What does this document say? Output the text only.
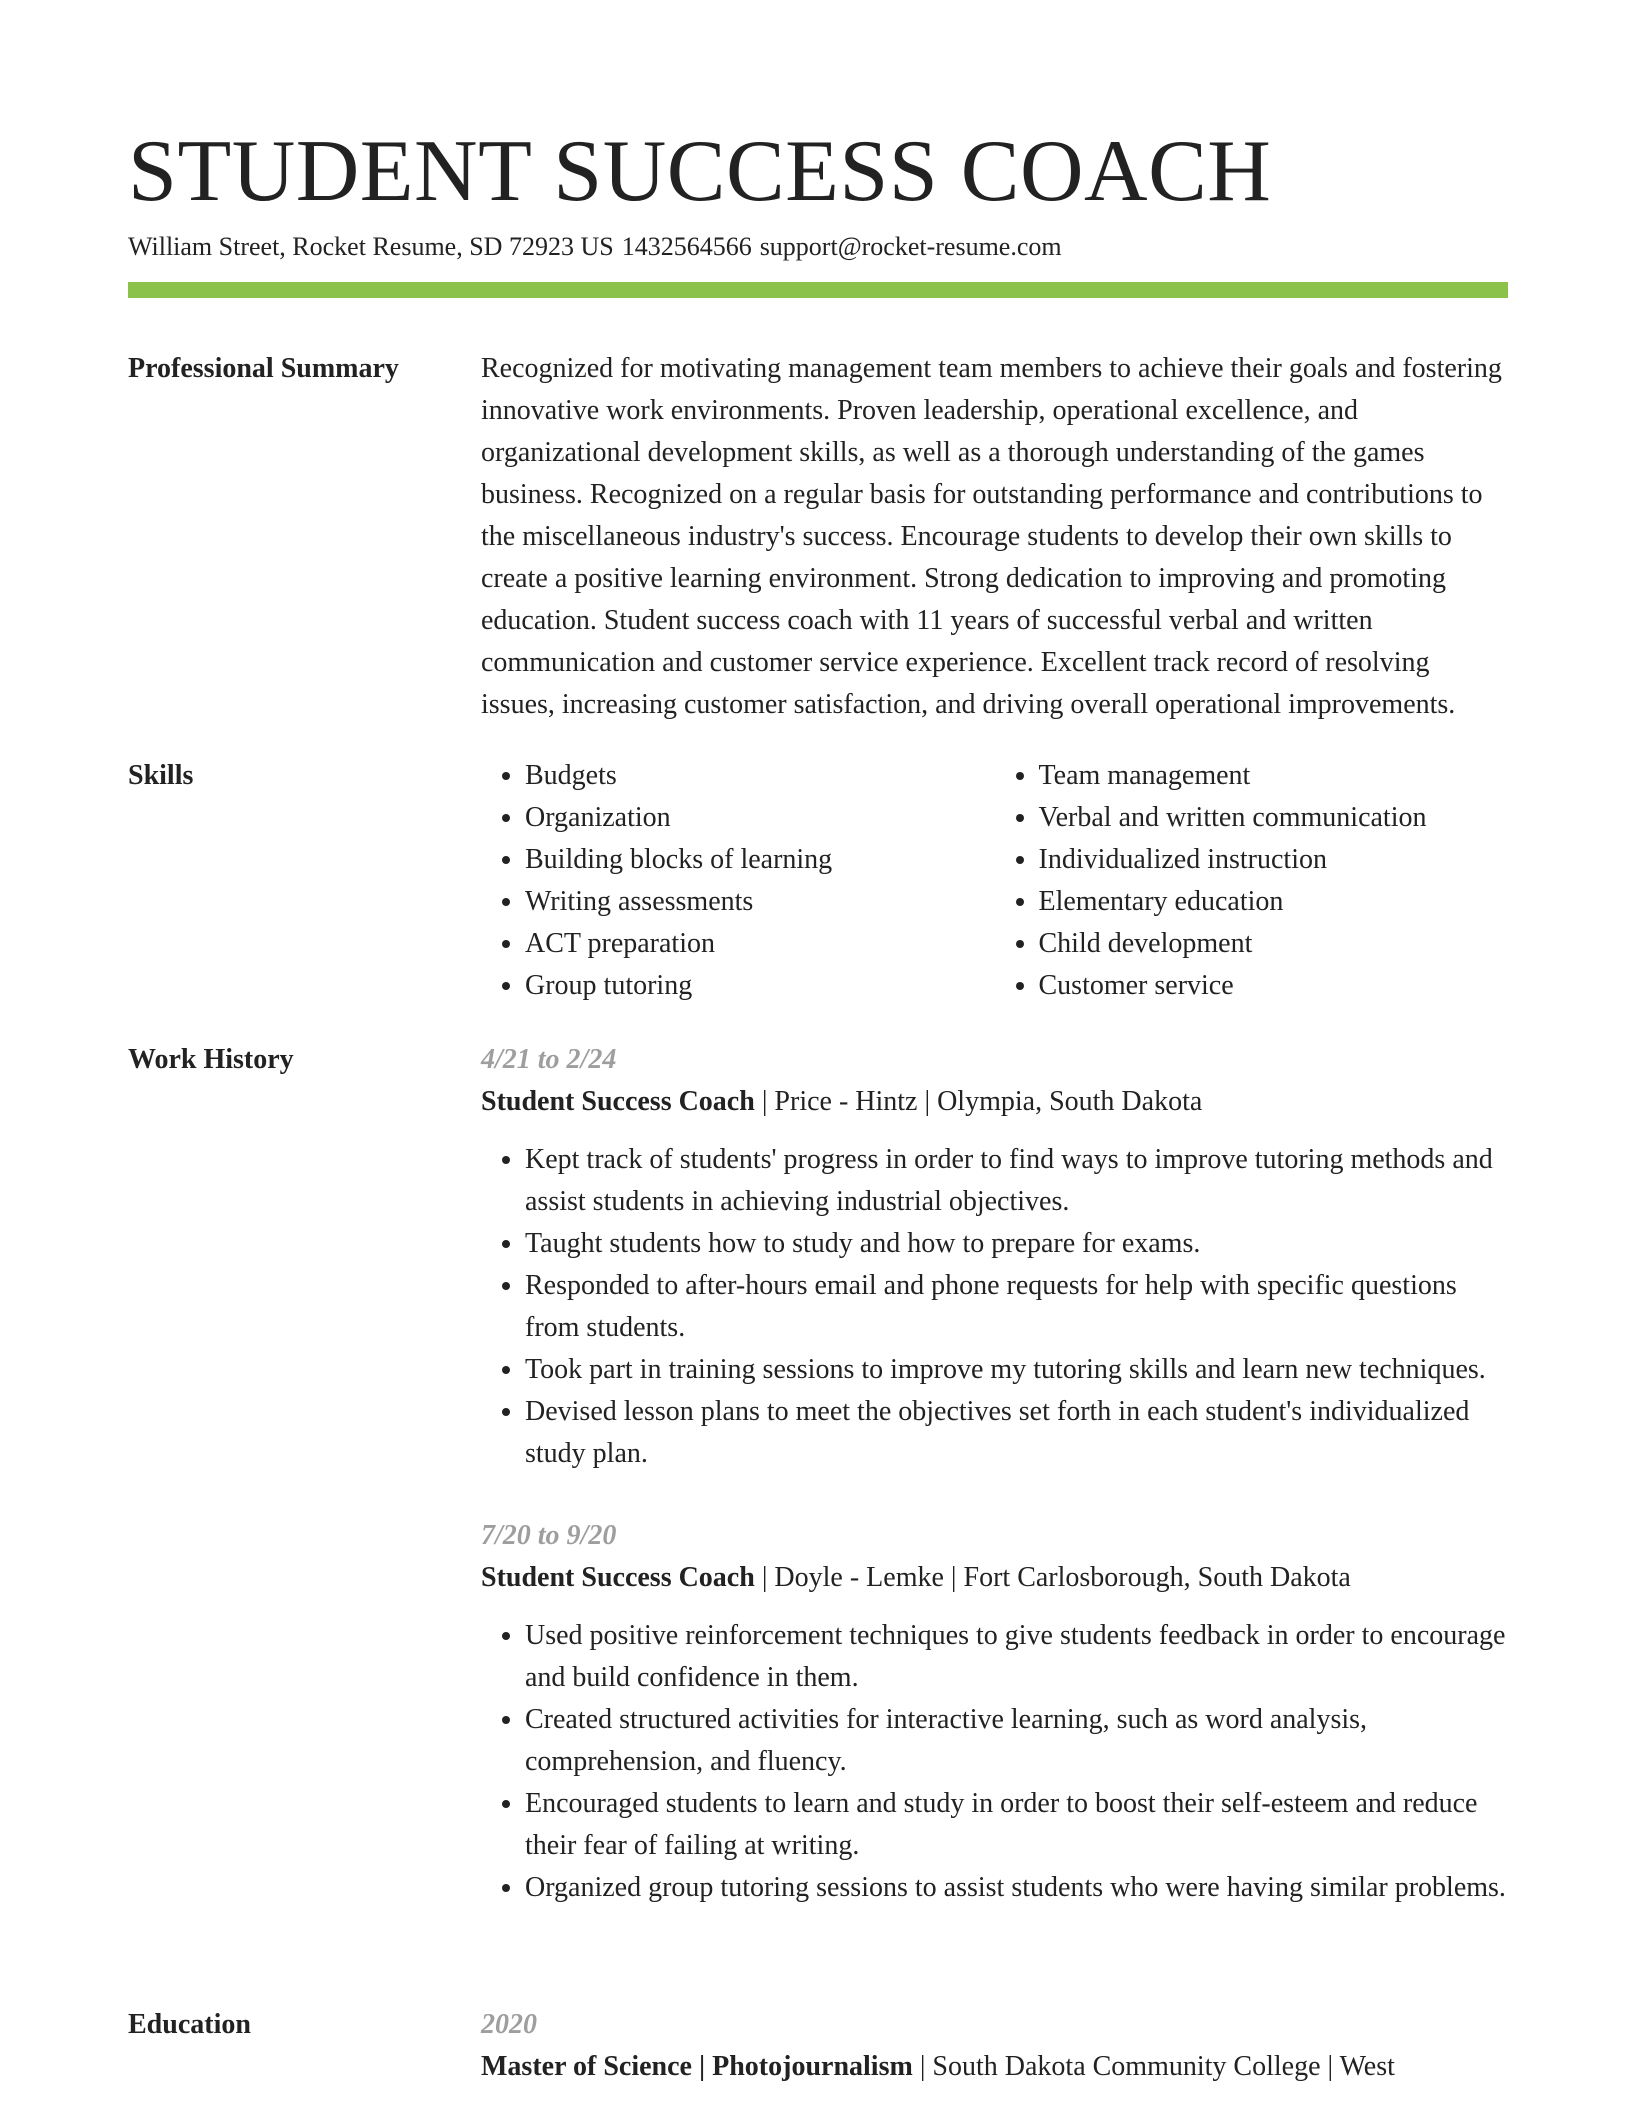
STUDENT SUCCESS COACH
William Street, Rocket Resume, SD 72923 US 1432564566 support@rocket-resume.com
Professional Summary	Recognized for motivating management team members to achieve their goals and fostering innovative work environments. Proven leadership, operational excellence, and organizational development skills, as well as a thorough understanding of the games business. Recognized on a regular basis for outstanding performance and contributions to the miscellaneous industry's success. Encourage students to develop their own skills to create a positive learning environment. Strong dedication to improving and promoting education. Student success coach with 11 years of successful verbal and written communication and customer service experience. Excellent track record of resolving issues, increasing customer satisfaction, and driving overall operational improvements.

Skills
•	Budgets
• Organization
• Building blocks of learning
• Writing assessments
• ACT preparation
• Group tutoring
• Team management
• Verbal and written communication
• Individualized instruction
• Elementary education
• Child development
• Customer service
Work History	4/21 to 2/24
Student Success Coach | Price - Hintz | Olympia, South Dakota
• Kept track of students' progress in order to find ways to improve tutoring methods and assist students in achieving industrial objectives.
• Taught students how to study and how to prepare for exams.
• Responded to after-hours email and phone requests for help with specific questions from students.
• Took part in training sessions to improve my tutoring skills and learn new techniques.
• Devised lesson plans to meet the objectives set forth in each student's individualized study plan.
7/20 to 9/20
Student Success Coach | Doyle - Lemke | Fort Carlosborough, South Dakota
• Used positive reinforcement techniques to give students feedback in order to encourage and build confidence in them.
• Created structured activities for interactive learning, such as word analysis, comprehension, and fluency.
• Encouraged students to learn and study in order to boost their self-esteem and reduce their fear of failing at writing.
• Organized group tutoring sessions to assist students who were having similar problems.
Education	2020
Master of Science | Photojournalism | South Dakota Community College | West
